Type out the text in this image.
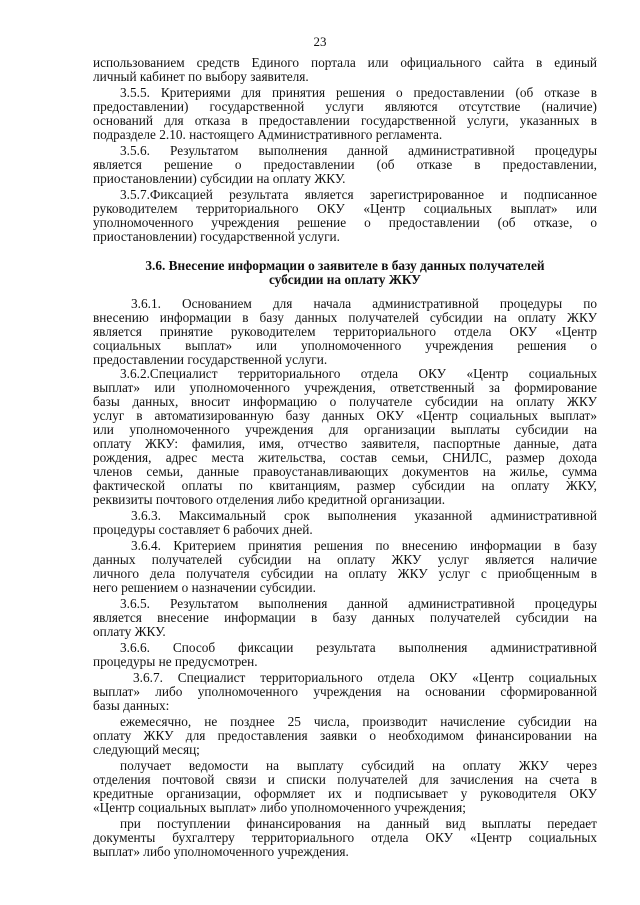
23
использованием средств Единого портала или официального сайта в единый
личный кабинет по выбору заявителя.
3.5.5. Критериями для принятия решения о предоставлении (об отказе в
предоставлении) государственной услуги являются отсутствие (наличие)
оснований для отказа в предоставлении государственной услуги, указанных в
подразделе 2.10. настоящего Административного регламента.
3.5.6. Результатом выполнения данной административной процедуры
является решение о предоставлении (об отказе в предоставлении,
приостановлении) субсидии на оплату ЖКУ.
3.5.7.Фиксацией результата является зарегистрированное и подписанное
руководителем территориального ОКУ «Центр социальных выплат» или
уполномоченного учреждения решение о предоставлении (об отказе, о
приостановлении) государственной услуги.
3.6. Внесение информации о заявителе в базу данных получателей
субсидии на оплату ЖКУ
3.6.1. Основанием для начала административной процедуры по
внесению информации в базу данных получателей субсидии на оплату ЖКУ
является принятие руководителем территориального отдела ОКУ «Центр
социальных выплат» или уполномоченного учреждения решения о
предоставлении государственной услуги.
3.6.2.Специалист территориального отдела ОКУ «Центр социальных
выплат» или уполномоченного учреждения, ответственный за формирование
базы данных, вносит информацию о получателе субсидии на оплату ЖКУ
услуг в автоматизированную базу данных ОКУ «Центр социальных выплат»
или уполномоченного учреждения для организации выплаты субсидии на
оплату ЖКУ: фамилия, имя, отчество заявителя, паспортные данные, дата
рождения, адрес места жительства, состав семьи, СНИЛС, размер дохода
членов семьи, данные правоустанавливающих документов на жилье, сумма
фактической оплаты по квитанциям, размер субсидии на оплату ЖКУ,
реквизиты почтового отделения либо кредитной организации.
3.6.3. Максимальный срок выполнения указанной административной
процедуры составляет 6 рабочих дней.
3.6.4. Критерием принятия решения по внесению информации в базу
данных получателей субсидии на оплату ЖКУ услуг является наличие
личного дела получателя субсидии на оплату ЖКУ услуг с приобщенным в
него решением о назначении субсидии.
3.6.5. Результатом выполнения данной административной процедуры
является внесение информации в базу данных получателей субсидии на
оплату ЖКУ.
3.6.6. Способ фиксации результата выполнения административной
процедуры не предусмотрен.
3.6.7. Специалист территориального отдела ОКУ «Центр социальных
выплат» либо уполномоченного учреждения на основании сформированной
базы данных:
ежемесячно, не позднее 25 числа, производит начисление субсидии на
оплату ЖКУ для предоставления заявки о необходимом финансировании на
следующий месяц;
получает ведомости на выплату субсидий на оплату ЖКУ через
отделения почтовой связи и списки получателей для зачисления на счета в
кредитные организации, оформляет их и подписывает у руководителя ОКУ
«Центр социальных выплат» либо уполномоченного учреждения;
при поступлении финансирования на данный вид выплаты передает
документы бухгалтеру территориального отдела ОКУ «Центр социальных
выплат» либо уполномоченного учреждения.
